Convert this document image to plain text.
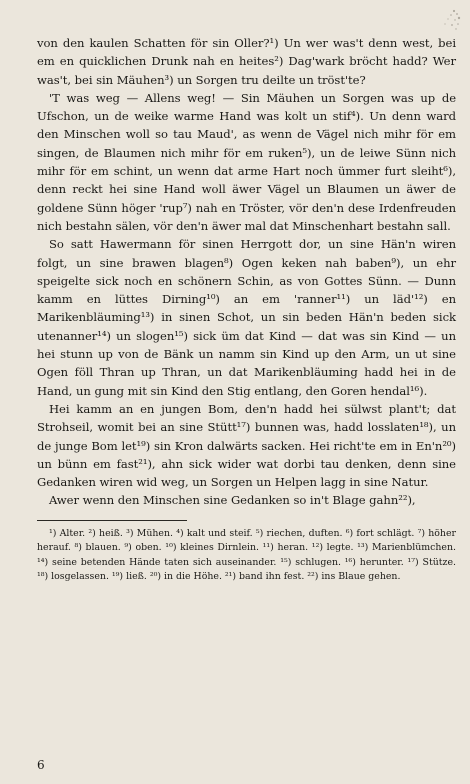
von den kaulen Schatten för sin Oller?¹) Un wer was't denn west, bei em en quicklichen Drunk nah en heites²) Dag'wark bröcht hadd? Wer was't, bei sin Mäuhen³) un Sorgen tru deilte un tröst'te?

'T was weg — Allens weg! — Sin Mäuhen un Sorgen was up de Ufschon, un de weike warme Hand was kolt un stif⁴). Un denn ward den Minschen woll so tau Maud', as wenn de Vägel nich mihr för em singen, de Blaumen nich mihr för em ruken⁵), un de leiwe Sünn nich mihr för em schint, un wenn dat arme Hart noch ümmer furt sleiht⁶), denn reckt hei sine Hand woll äwer Vägel un Blaumen un äwer de goldene Sünn höger 'rup⁷) nah en Tröster, vör den'n dese Irdenfreuden nich bestahn sälen, vör den'n äwer mal dat Minschenhart bestahn sall.

So satt Hawermann för sinen Herrgott dor, un sine Hän'n wiren folgt, un sine brawen blagen⁸) Ogen keken nah baben⁹), un ehr speigelte sick noch en schönern Schin, as von Gottes Sünn. — Dunn kamm en lüttes Dirning¹⁰) an em 'ranner¹¹) un läd'¹²) en Marikenbläuming¹³) in sinen Schot, un sin beden Hän'n beden sick utenanner¹⁴) un slogen¹⁵) sick üm dat Kind — dat was sin Kind — un hei stunn up von de Bänk un namm sin Kind up den Arm, un ut sine Ogen föll Thran up Thran, un dat Marikenbläuming hadd hei in de Hand, un gung mit sin Kind den Stig entlang, den Goren hendal¹⁶).

Hei kamm an en jungen Bom, den'n hadd hei sülwst plant't; dat Strohseil, womit bei an sine Stütt¹⁷) bunnen was, hadd losslaten¹⁸), un de junge Bom let¹⁹) sin Kron dalwärts sacken. Hei richt'te em in En'n²⁰) un bünn em fast²¹), ahn sick wider wat dorbi tau denken, denn sine Gedanken wiren wid weg, un Sorgen un Helpen lagg in sine Natur.

Awer wenn den Minschen sine Gedanken so in't Blage gahn²²),

¹) Alter. ²) heiß. ³) Mühen. ⁴) kalt und steif. ⁵) riechen, duften. ⁶) fort schlägt. ⁷) höher herauf. ⁸) blauen. ⁹) oben. ¹⁰) kleines Dirnlein. ¹¹) heran. ¹²) legte. ¹³) Marienblümchen. ¹⁴) seine betenden Hände taten sich auseinander. ¹⁵) schlugen. ¹⁶) herunter. ¹⁷) Stütze. ¹⁸) losgelassen. ¹⁹) ließ. ²⁰) in die Höhe. ²¹) band ihn fest. ²²) ins Blaue gehen.

6
